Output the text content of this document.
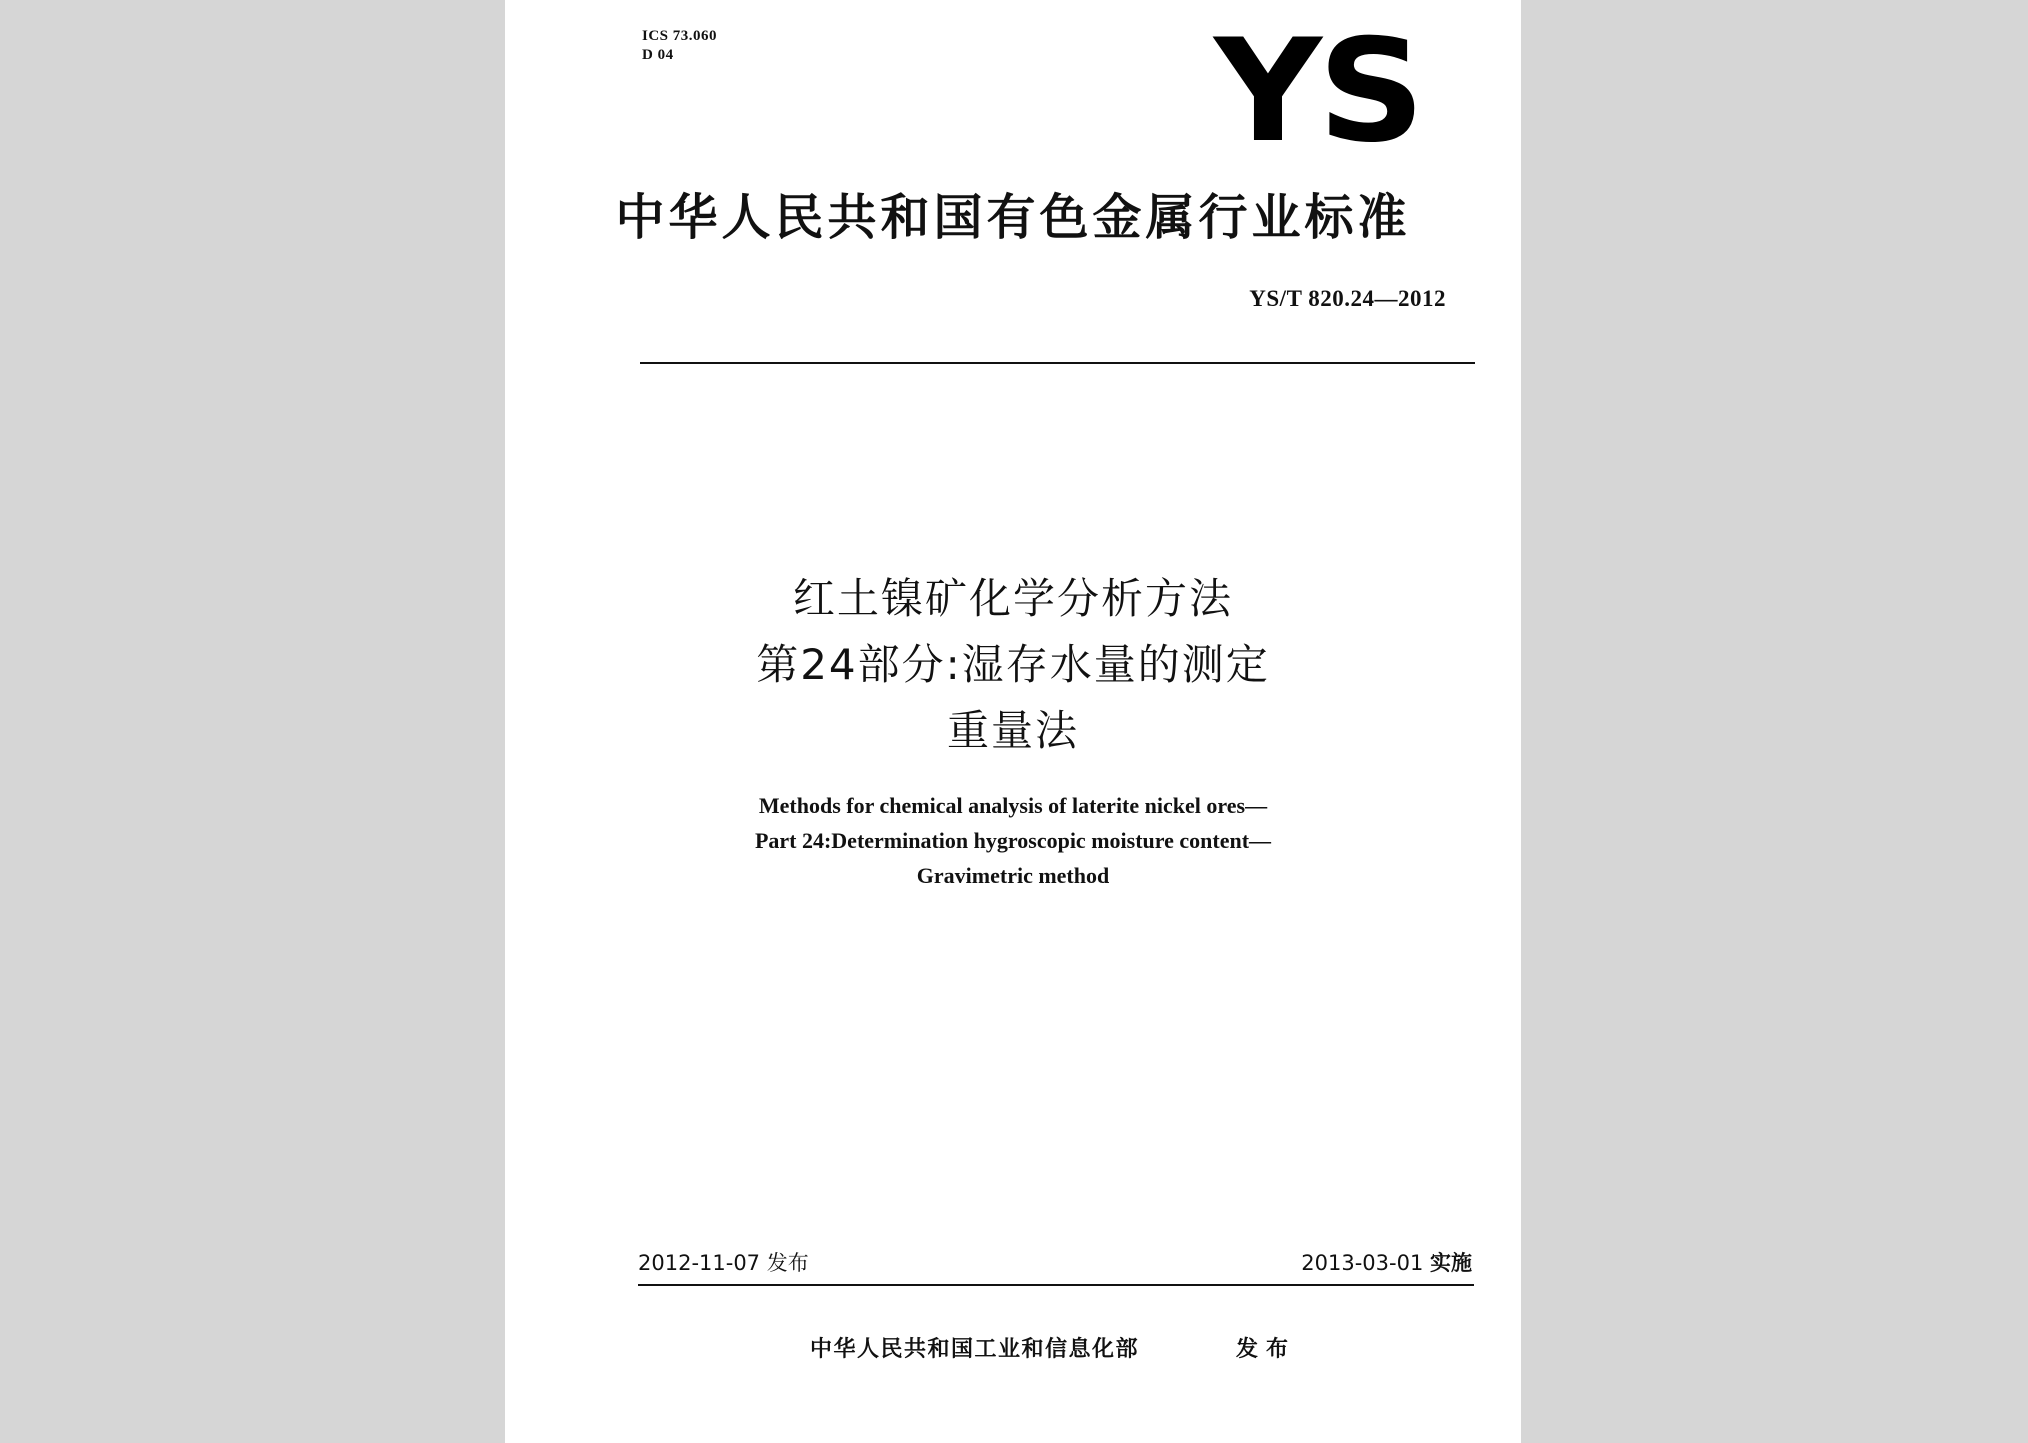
ICS 73.060
D 04	YS
中华人民共和国有色金属行业标准
YS/T 820.24—2012
红土镍矿化学分析方法
第24部分:湿存水量的测定
重量法
Methods for chemical analysis of laterite nickel ores—
Part 24:Determination hygroscopic moisture content—
Gravimetric method
2012-11-07 发布	2013-03-01 实施
中华人民共和国工业和信息化部	发布
